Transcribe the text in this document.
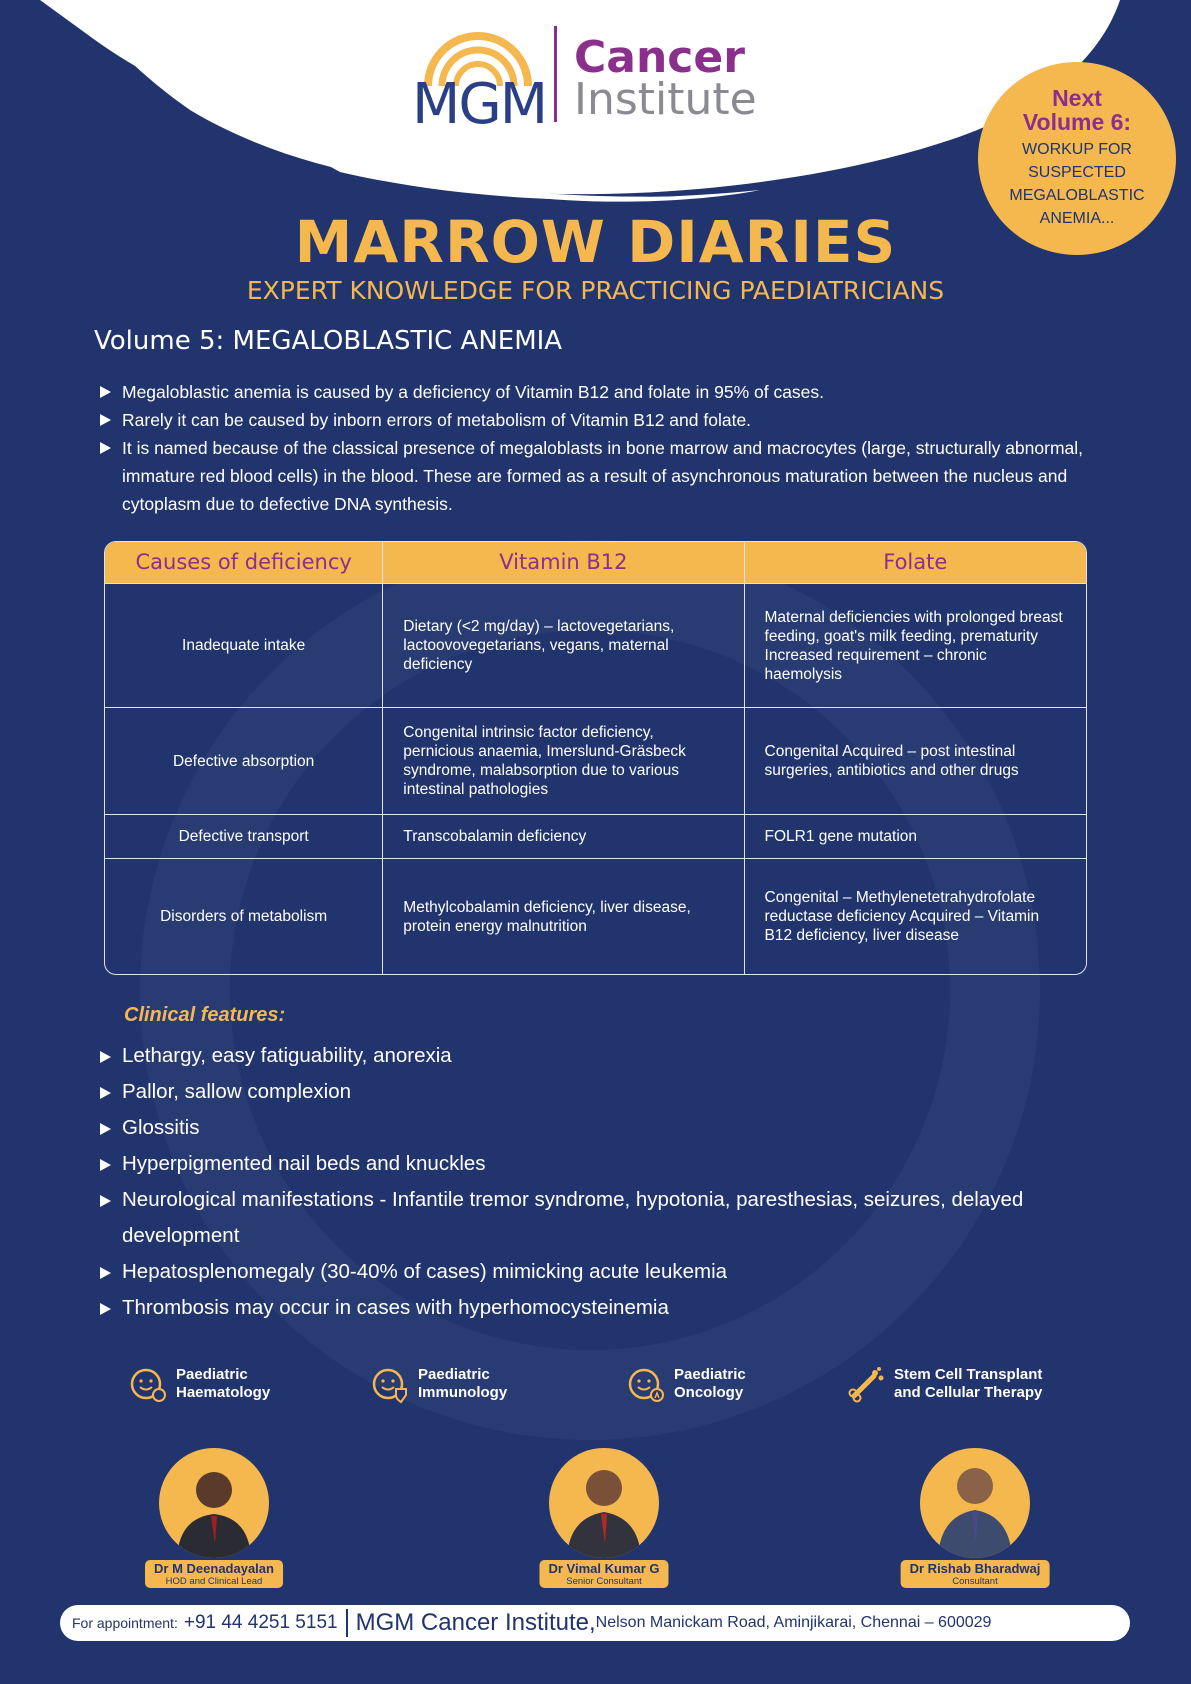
MGM
Cancer
Institute	Next
Volume 6:
WORKUP FOR SUSPECTED MEGALOBLASTIC ANEMIA...
MARROW DIARIES
EXPERT KNOWLEDGE FOR PRACTICING PAEDIATRICIANS
Volume 5: MEGALOBLASTIC ANEMIA
Megaloblastic anemia is caused by a deficiency of Vitamin B12 and folate in 95% of cases.
Rarely it can be caused by inborn errors of metabolism of Vitamin B12 and folate.
It is named because of the classical presence of megaloblasts in bone marrow and macrocytes (large, structurally abnormal, immature red blood cells) in the blood. These are formed as a result of asynchronous maturation between the nucleus and cytoplasm due to defective DNA synthesis.
Causes of deficiency	Vitamin B12	Folate
Inadequate intake	Dietary (<2 mg/day) – lactovegetarians, lactoovovegetarians, vegans, maternal deficiency	Maternal deficiencies with prolonged breast feeding, goat's milk feeding, prematurity Increased requirement – chronic haemolysis
Defective absorption	Congenital intrinsic factor deficiency, pernicious anaemia, Imerslund-Gräsbeck syndrome, malabsorption due to various intestinal pathologies	Congenital Acquired – post intestinal surgeries, antibiotics and other drugs
Defective transport	Transcobalamin deficiency	FOLR1 gene mutation
Disorders of metabolism	Methylcobalamin deficiency, liver disease, protein energy malnutrition	Congenital – Methylenetetrahydrofolate reductase deficiency Acquired – Vitamin B12 deficiency, liver disease
Clinical features:
Lethargy, easy fatiguability, anorexia
Pallor, sallow complexion
Glossitis
Hyperpigmented nail beds and knuckles
Neurological manifestations - Infantile tremor syndrome, hypotonia, paresthesias, seizures, delayed development
Hepatosplenomegaly (30-40% of cases) mimicking acute leukemia
Thrombosis may occur in cases with hyperhomocysteinemia
Paediatric
Haematology
Paediatric
Immunology
Paediatric
Oncology
Stem Cell Transplant
and Cellular Therapy
Dr M Deenadayalan
HOD and Clinical Lead
Dr Vimal Kumar G
Senior Consultant
Dr Rishab Bharadwaj
Consultant
For appointment: +91 44 4251 5151 MGM Cancer Institute, Nelson Manickam Road, Aminjikarai, Chennai – 600029
